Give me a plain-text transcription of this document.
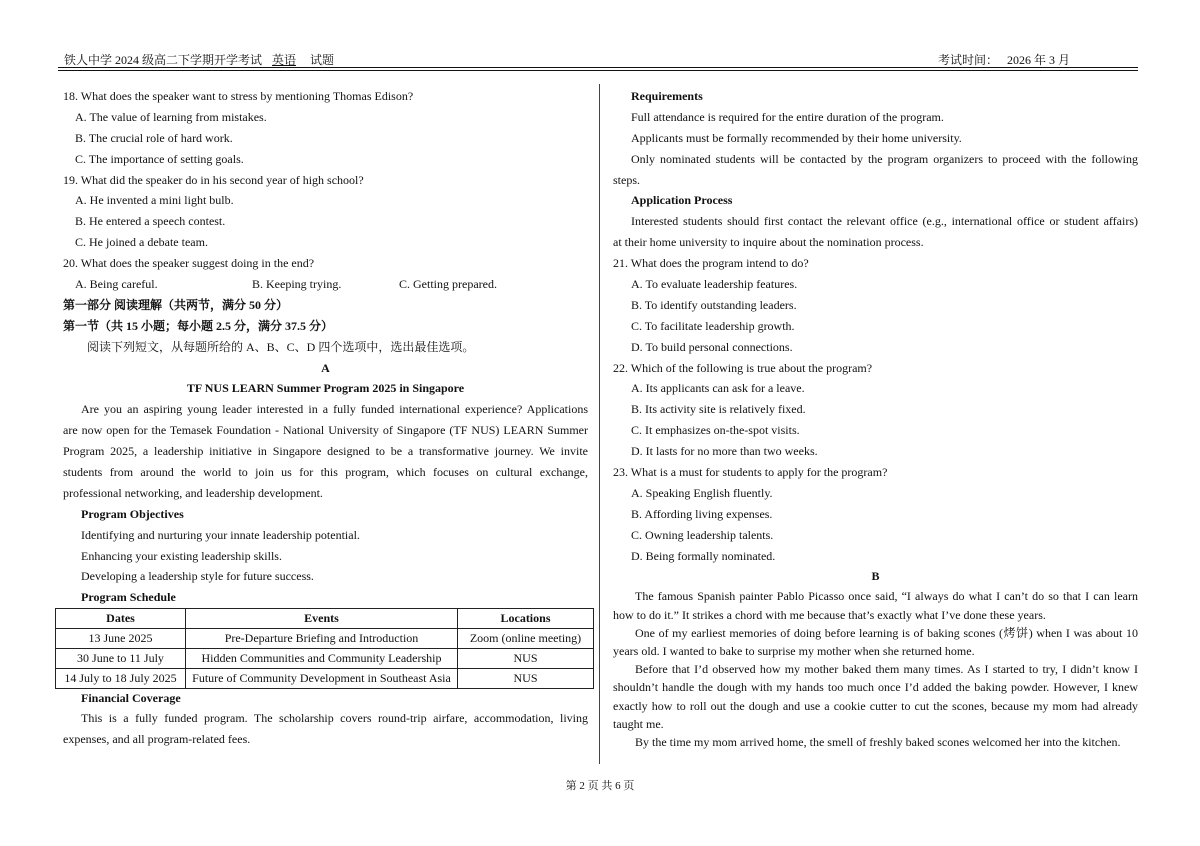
铁人中学 2024 级高二下学期开学考试 英语 试题	考试时间： 2026 年 3 月
18. What does the speaker want to stress by mentioning Thomas Edison?
A. The value of learning from mistakes.
B. The crucial role of hard work.
C. The importance of setting goals.
19. What did the speaker do in his second year of high school?
A. He invented a mini light bulb.
B. He entered a speech contest.
C. He joined a debate team.
20. What does the speaker suggest doing in the end?
A. Being careful.	B. Keeping trying.	C. Getting prepared.
第一部分 阅读理解（共两节，满分 50 分）
第一节（共 15 小题；每小题 2.5 分，满分 37.5 分）
阅读下列短文，从每题所给的 A、B、C、D 四个选项中，选出最佳选项。
A
TF NUS LEARN Summer Program 2025 in Singapore
Are you an aspiring young leader interested in a fully funded international experience? Applications
are now open for the Temasek Foundation - National University of Singapore (TF NUS) LEARN Summer
Program 2025, a leadership initiative in Singapore designed to be a transformative journey. We invite
students from around the world to join us for this program, which focuses on cultural exchange,
professional networking, and leadership development.
Program Objectives
Identifying and nurturing your innate leadership potential.
Enhancing your existing leadership skills.
Developing a leadership style for future success.
Program Schedule
Dates	Events	Locations
13 June 2025	Pre-Departure Briefing and Introduction	Zoom (online meeting)
30 June to 11 July	Hidden Communities and Community Leadership	NUS
14 July to 18 July 2025	Future of Community Development in Southeast Asia	NUS
Financial Coverage
This is a fully funded program. The scholarship covers round-trip airfare, accommodation, living
expenses, and all program-related fees.
Requirements
Full attendance is required for the entire duration of the program.
Applicants must be formally recommended by their home university.
Only nominated students will be contacted by the program organizers to proceed with the following
steps.
Application Process
Interested students should first contact the relevant office (e.g., international office or student affairs)
at their home university to inquire about the nomination process.
21. What does the program intend to do?
A. To evaluate leadership features.
B. To identify outstanding leaders.
C. To facilitate leadership growth.
D. To build personal connections.
22. Which of the following is true about the program?
A. Its applicants can ask for a leave.
B. Its activity site is relatively fixed.
C. It emphasizes on-the-spot visits.
D. It lasts for no more than two weeks.
23. What is a must for students to apply for the program?
A. Speaking English fluently.
B. Affording living expenses.
C. Owning leadership talents.
D. Being formally nominated.
B
The famous Spanish painter Pablo Picasso once said, “I always do what I can’t do so that I can learn how to do it.” It strikes a chord with me because that’s exactly what I’ve done these years.
One of my earliest memories of doing before learning is of baking scones (烤饼) when I was about 10 years old. I wanted to bake to surprise my mother when she returned home.
Before that I’d observed how my mother baked them many times. As I started to try, I didn’t know I shouldn’t handle the dough with my hands too much once I’d added the baking powder. However, I knew exactly how to roll out the dough and use a cookie cutter to cut the scones, because my mom had already taught me.
By the time my mom arrived home, the smell of freshly baked scones welcomed her into the kitchen.
第 2 页 共 6 页
